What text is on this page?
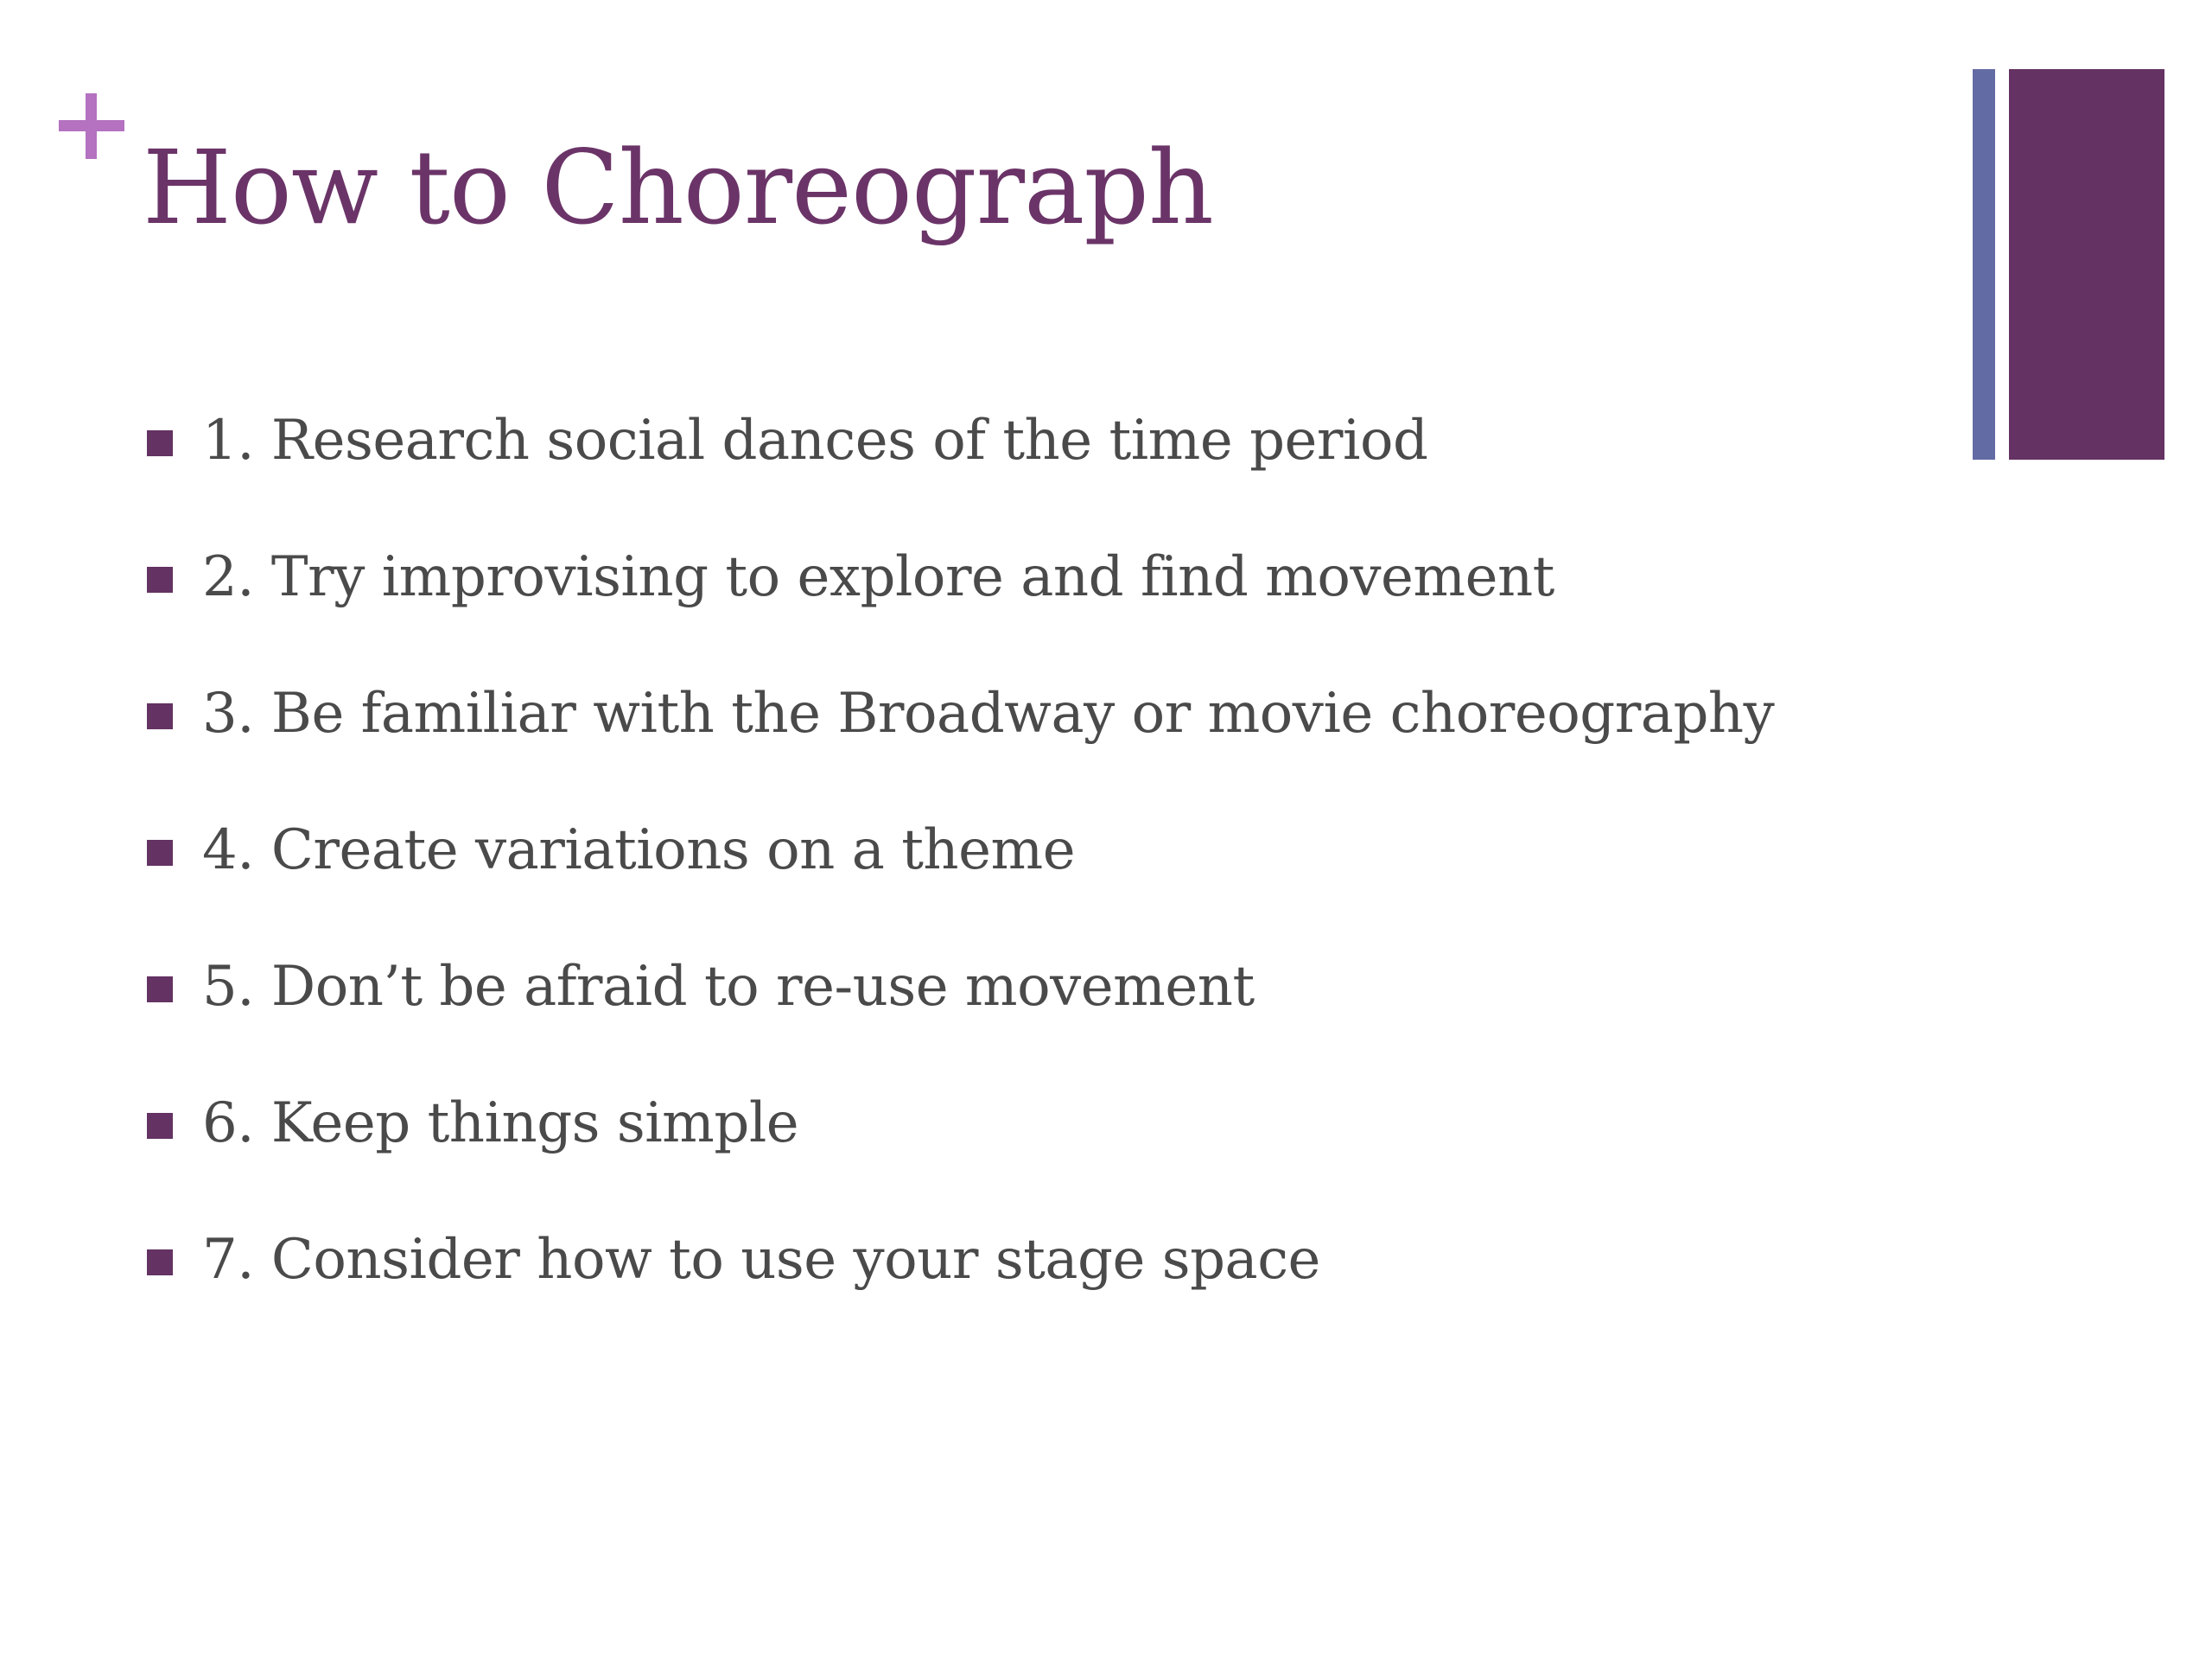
How to Choreograph
1. Research social dances of the time period
2. Try improvising to explore and find movement
3. Be familiar with the Broadway or movie choreography
4. Create variations on a theme
5. Don’t be afraid to re-use movement
6. Keep things simple
7. Consider how to use your stage space
